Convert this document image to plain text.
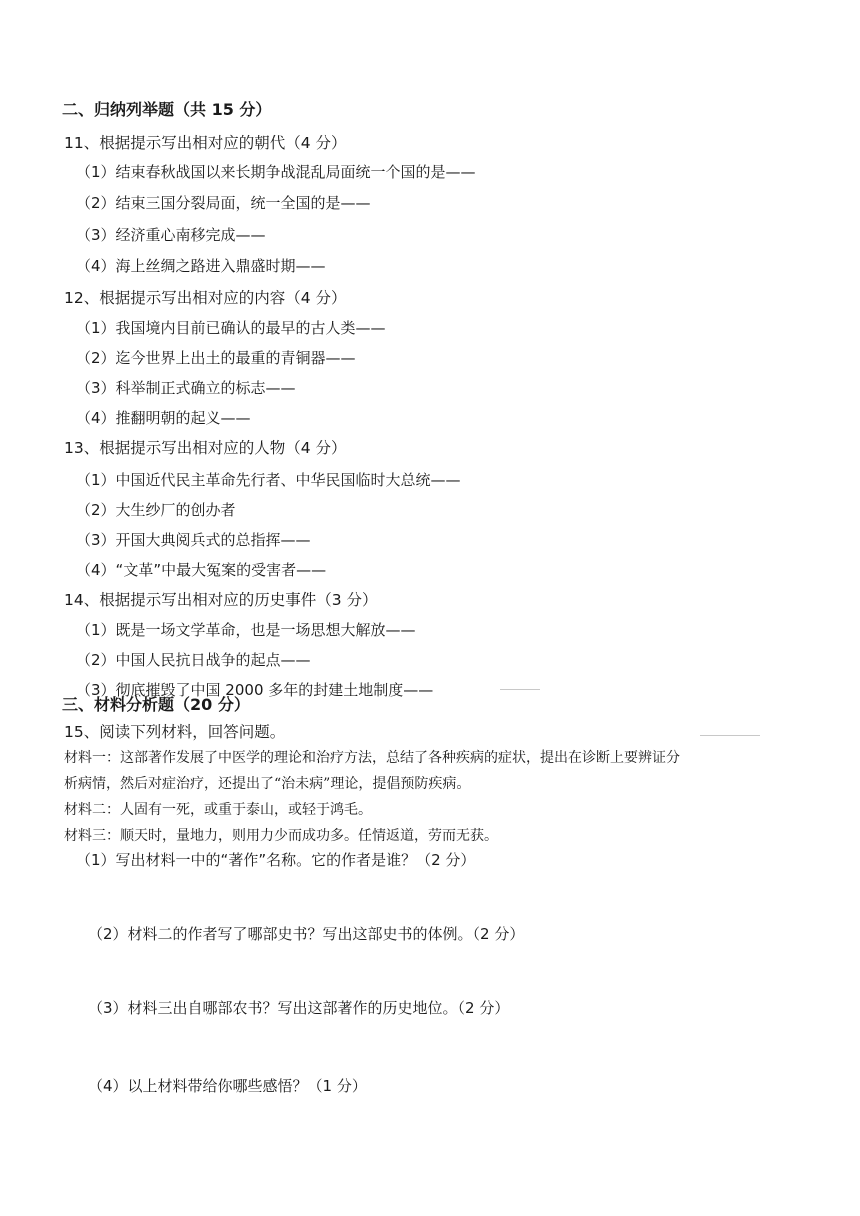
二、归纳列举题（共 15 分）
11、根据提示写出相对应的朝代（4 分）
（1）结束春秋战国以来长期争战混乱局面统一个国的是——
（2）结束三国分裂局面，统一全国的是——
（3）经济重心南移完成——
（4）海上丝绸之路进入鼎盛时期——
12、根据提示写出相对应的内容（4 分）
（1）我国境内目前已确认的最早的古人类——
（2）迄今世界上出土的最重的青铜器——
（3）科举制正式确立的标志——
（4）推翻明朝的起义——
13、根据提示写出相对应的人物（4 分）
（1）中国近代民主革命先行者、中华民国临时大总统——
（2）大生纱厂的创办者
（3）开国大典阅兵式的总指挥——
（4）“文革”中最大冤案的受害者——
14、根据提示写出相对应的历史事件（3 分）
（1）既是一场文学革命，也是一场思想大解放——
（2）中国人民抗日战争的起点——
（3）彻底摧毁了中国 2000 多年的封建土地制度——
三、材料分析题（20 分）
15、阅读下列材料，回答问题。
材料一：这部著作发展了中医学的理论和治疗方法，总结了各种疾病的症状，提出在诊断上要辨证分
析病情，然后对症治疗，还提出了“治未病”理论，提倡预防疾病。
材料二：人固有一死，或重于泰山，或轻于鸿毛。
材料三：顺天时，量地力，则用力少而成功多。任情返道，劳而无获。
（1）写出材料一中的“著作”名称。它的作者是谁？（2 分）
（2）材料二的作者写了哪部史书？写出这部史书的体例。（2 分）
（3）材料三出自哪部农书？写出这部著作的历史地位。（2 分）
（4）以上材料带给你哪些感悟？（1 分）
